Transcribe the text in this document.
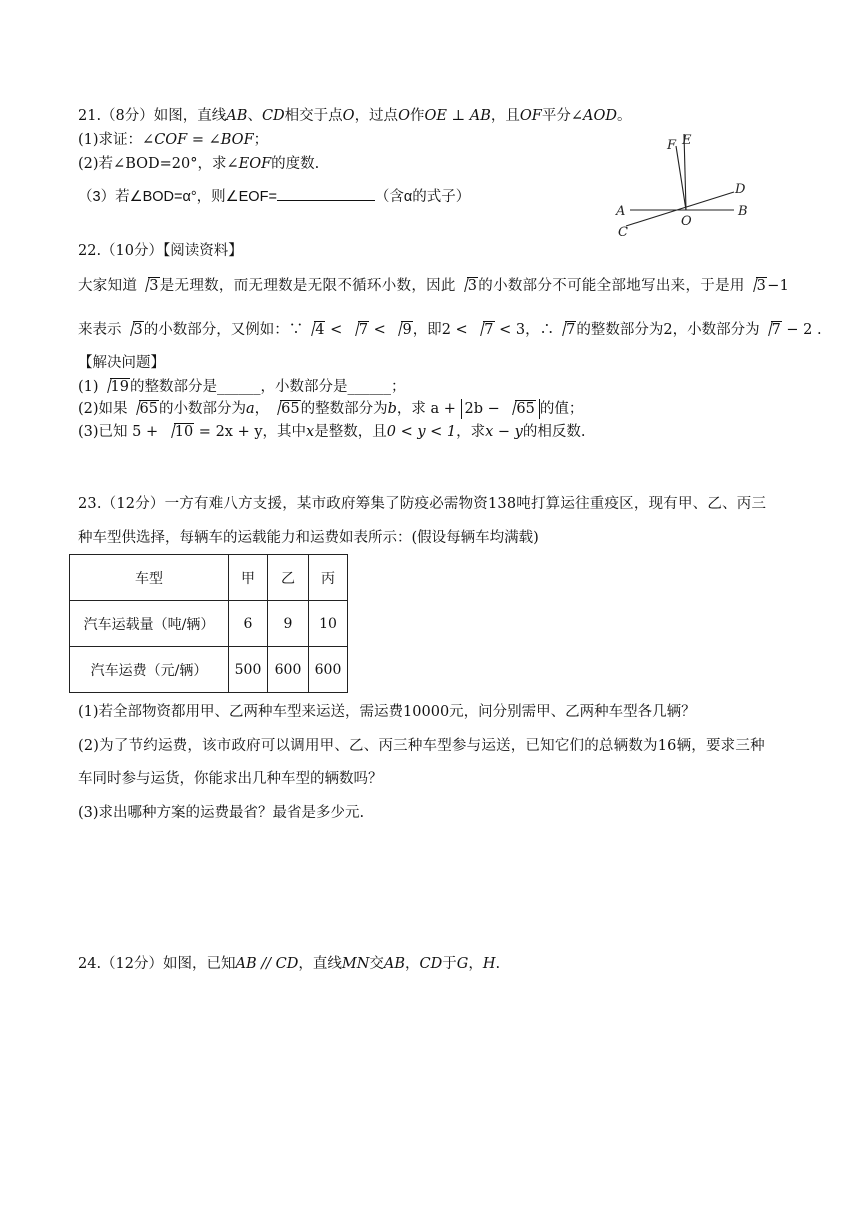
21.（8分）如图，直线AB、CD相交于点O，过点O作OE ⊥ AB，且OF平分∠AOD。
(1)求证：∠COF = ∠BOF；
(2)若∠BOD=20°，求∠EOF的度数.
（3）若∠BOD=α°，则∠EOF=	（含α的式子）
F E
D
A
O
B
C
22.（10分）【阅读资料】
大家知道 3是无理数，而无理数是无限不循环小数，因此 3的小数部分不可能全部地写出来，于是用 3−1
来表示 3的小数部分，又例如：∵ 4 < 7 < 9，即2 < 7 < 3，∴ 7的整数部分为2，小数部分为 7 − 2 .
【解决问题】
(1) 19的整数部分是______，小数部分是______；
(2)如果 65的小数部分为a， 65的整数部分为b，求 a + 2b − 65 的值；
(3)已知 5 + 10 = 2x + y，其中x是整数，且0 < y < 1，求x − y的相反数.
23.（12分）一方有难八方支援，某市政府筹集了防疫必需物资138吨打算运往重疫区，现有甲、乙、丙三
种车型供选择，每辆车的运载能力和运费如表所示：(假设每辆车均满载)
车型	甲	乙	丙
汽车运载量（吨/辆）	6	9	10
汽车运费（元/辆）	500	600	600
(1)若全部物资都用甲、乙两种车型来运送，需运费10000元，问分别需甲、乙两种车型各几辆？
(2)为了节约运费，该市政府可以调用甲、乙、丙三种车型参与运送，已知它们的总辆数为16辆，要求三种
车同时参与运货，你能求出几种车型的辆数吗？
(3)求出哪种方案的运费最省？最省是多少元.
24.（12分）如图，已知AB // CD，直线MN交AB，CD于G，H.
